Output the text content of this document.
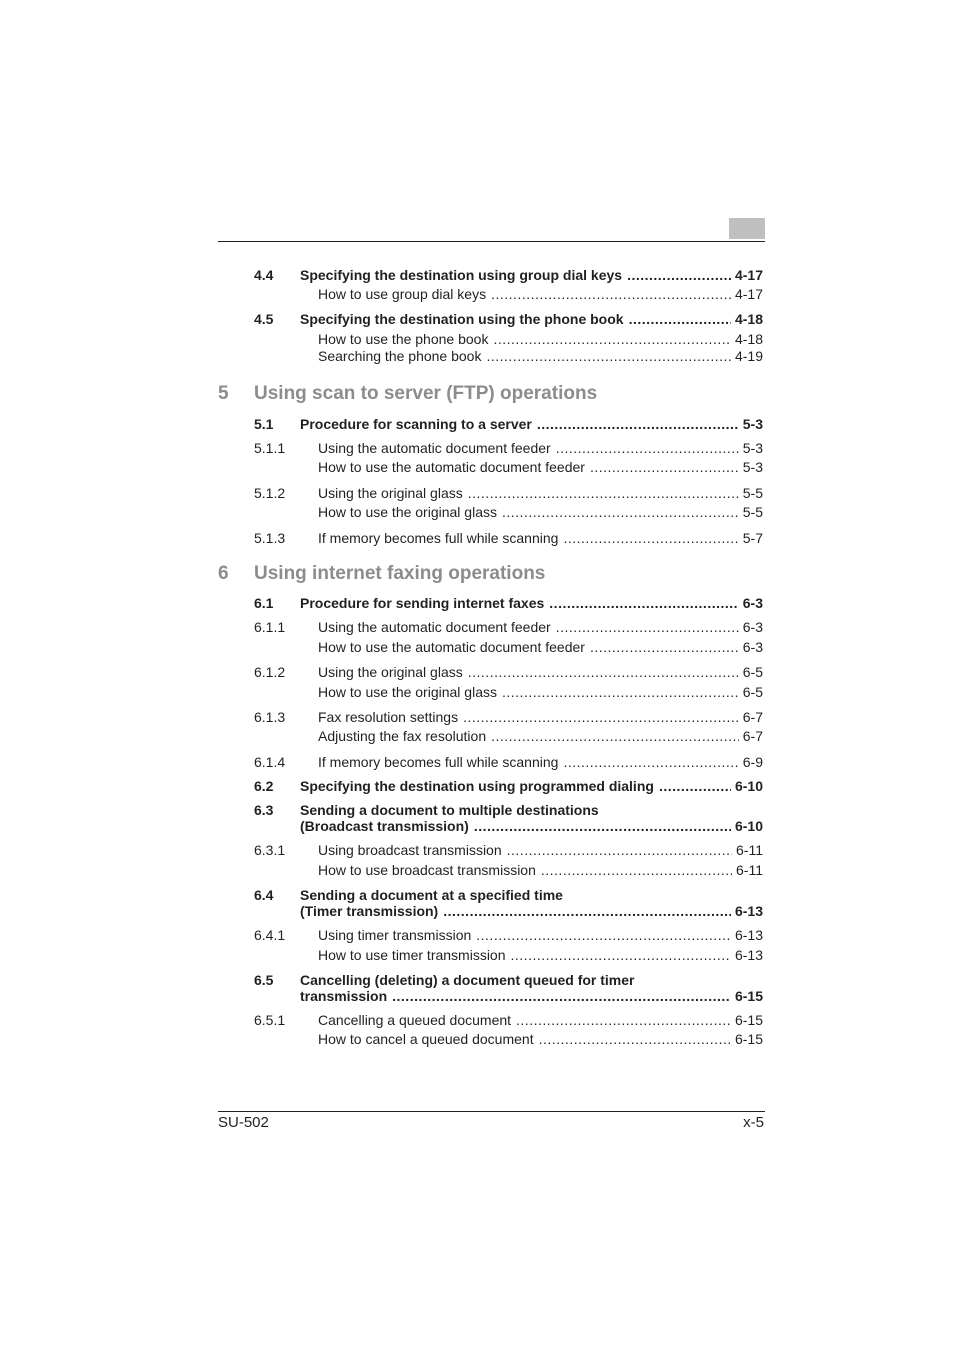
4.4 Specifying the destination using group dial keys .....	4-17
How to use group dial keys .....	4-17
4.5 Specifying the destination using the phone book .....	4-18
How to use the phone book .....	4-18
Searching the phone book .....	4-19
5 Using scan to server (FTP) operations
5.1 Procedure for scanning to a server .....	5-3
5.1.1 Using the automatic document feeder .....	5-3
How to use the automatic document feeder .....	5-3
5.1.2 Using the original glass .....	5-5
How to use the original glass .....	5-5
5.1.3 If memory becomes full while scanning .....	5-7
6 Using internet faxing operations
6.1 Procedure for sending internet faxes .....	6-3
6.1.1 Using the automatic document feeder .....	6-3
How to use the automatic document feeder .....	6-3
6.1.2 Using the original glass .....	6-5
How to use the original glass .....	6-5
6.1.3 Fax resolution settings .....	6-7
Adjusting the fax resolution .....	6-7
6.1.4 If memory becomes full while scanning .....	6-9
6.2 Specifying the destination using programmed dialing .....	6-10
6.3 Sending a document to multiple destinations
(Broadcast transmission) .....	6-10
6.3.1 Using broadcast transmission .....	6-11
How to use broadcast transmission .....	6-11
6.4 Sending a document at a specified time
(Timer transmission) .....	6-13
6.4.1 Using timer transmission .....	6-13
How to use timer transmission .....	6-13
6.5 Cancelling (deleting) a document queued for timer
transmission .....	6-15
6.5.1 Cancelling a queued document .....	6-15
How to cancel a queued document .....	6-15
SU-502	x-5
